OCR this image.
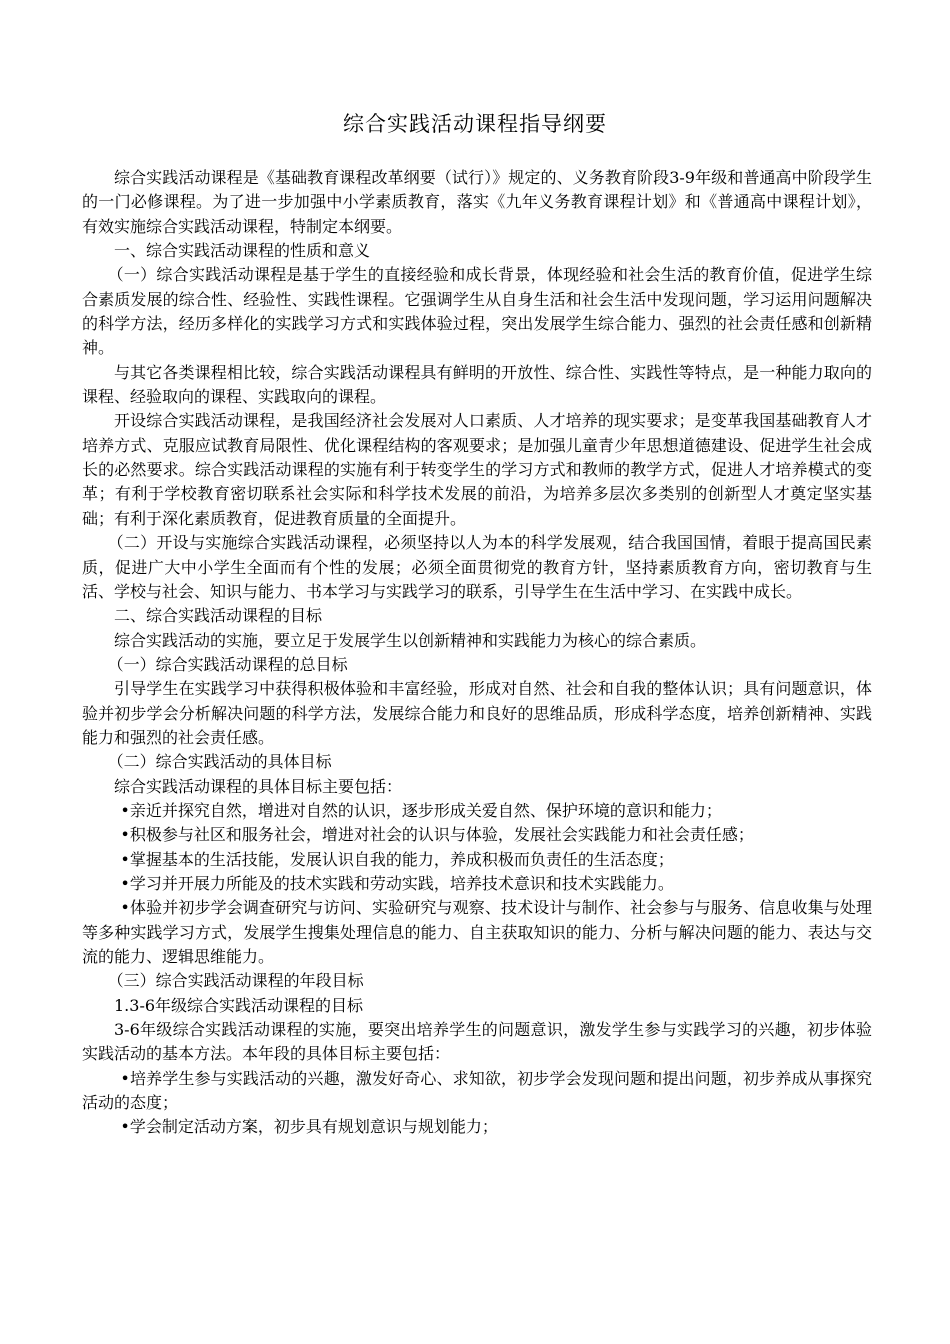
综合实践活动课程指导纲要

综合实践活动课程是《基础教育课程改革纲要（试行）》规定的、义务教育阶段3-9年级和普通高中阶段学生的一门必修课程。为了进一步加强中小学素质教育，落实《九年义务教育课程计划》和《普通高中课程计划》，有效实施综合实践活动课程，特制定本纲要。

一、综合实践活动课程的性质和意义

（一）综合实践活动课程是基于学生的直接经验和成长背景，体现经验和社会生活的教育价值，促进学生综合素质发展的综合性、经验性、实践性课程。它强调学生从自身生活和社会生活中发现问题，学习运用问题解决的科学方法，经历多样化的实践学习方式和实践体验过程，突出发展学生综合能力、强烈的社会责任感和创新精神。

与其它各类课程相比较，综合实践活动课程具有鲜明的开放性、综合性、实践性等特点，是一种能力取向的课程、经验取向的课程、实践取向的课程。

开设综合实践活动课程，是我国经济社会发展对人口素质、人才培养的现实要求；是变革我国基础教育人才培养方式、克服应试教育局限性、优化课程结构的客观要求；是加强儿童青少年思想道德建设、促进学生社会成长的必然要求。综合实践活动课程的实施有利于转变学生的学习方式和教师的教学方式，促进人才培养模式的变革；有利于学校教育密切联系社会实际和科学技术发展的前沿，为培养多层次多类别的创新型人才奠定坚实基础；有利于深化素质教育，促进教育质量的全面提升。

（二）开设与实施综合实践活动课程，必须坚持以人为本的科学发展观，结合我国国情，着眼于提高国民素质，促进广大中小学生全面而有个性的发展；必须全面贯彻党的教育方针，坚持素质教育方向，密切教育与生活、学校与社会、知识与能力、书本学习与实践学习的联系，引导学生在生活中学习、在实践中成长。

二、综合实践活动课程的目标

综合实践活动的实施，要立足于发展学生以创新精神和实践能力为核心的综合素质。

（一）综合实践活动课程的总目标

引导学生在实践学习中获得积极体验和丰富经验，形成对自然、社会和自我的整体认识；具有问题意识，体验并初步学会分析解决问题的科学方法，发展综合能力和良好的思维品质，形成科学态度，培养创新精神、实践能力和强烈的社会责任感。

（二）综合实践活动的具体目标

综合实践活动课程的具体目标主要包括：

•亲近并探究自然，增进对自然的认识，逐步形成关爱自然、保护环境的意识和能力；

•积极参与社区和服务社会，增进对社会的认识与体验，发展社会实践能力和社会责任感；

•掌握基本的生活技能，发展认识自我的能力，养成积极而负责任的生活态度；

•学习并开展力所能及的技术实践和劳动实践，培养技术意识和技术实践能力。

•体验并初步学会调查研究与访问、实验研究与观察、技术设计与制作、社会参与与服务、信息收集与处理等多种实践学习方式，发展学生搜集处理信息的能力、自主获取知识的能力、分析与解决问题的能力、表达与交流的能力、逻辑思维能力。

（三）综合实践活动课程的年段目标

1.3-6年级综合实践活动课程的目标

3-6年级综合实践活动课程的实施，要突出培养学生的问题意识，激发学生参与实践学习的兴趣，初步体验实践活动的基本方法。本年段的具体目标主要包括：

•培养学生参与实践活动的兴趣，激发好奇心、求知欲，初步学会发现问题和提出问题，初步养成从事探究活动的态度；

•学会制定活动方案，初步具有规划意识与规划能力；
